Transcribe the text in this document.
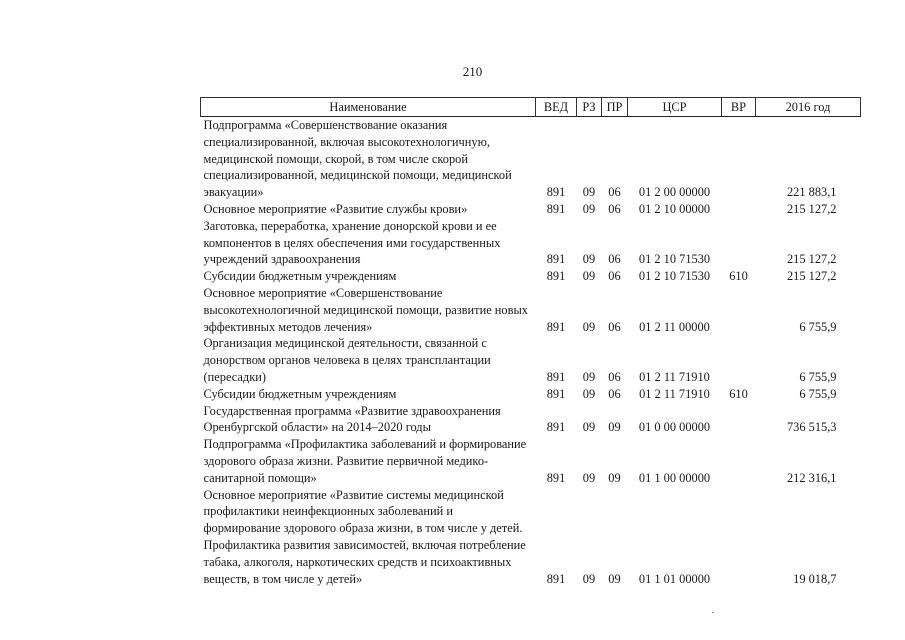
210
Наименование	ВЕД	РЗ	ПР	ЦСР	ВР	2016 год
Подпрограмма «Совершенствование оказания специализированной, включая высокотехнологичную, медицинской помощи, скорой, в том числе скорой специализированной, медицинской помощи, медицинской эвакуации»	891	09	06	01 2 00 00000		221 883,1
Основное мероприятие «Развитие службы крови»	891	09	06	01 2 10 00000		215 127,2
Заготовка, переработка, хранение донорской крови и ее компонентов в целях обеспечения ими государственных учреждений здравоохранения	891	09	06	01 2 10 71530		215 127,2
Субсидии бюджетным учреждениям	891	09	06	01 2 10 71530	610	215 127,2
Основное мероприятие «Совершенствование высокотехнологичной медицинской помощи, развитие новых эффективных методов лечения»	891	09	06	01 2 11 00000		6 755,9
Организация медицинской деятельности, связанной с донорством органов человека в целях трансплантации (пересадки)	891	09	06	01 2 11 71910		6 755,9
Субсидии бюджетным учреждениям	891	09	06	01 2 11 71910	610	6 755,9
Государственная программа «Развитие здравоохранения Оренбургской области» на 2014–2020 годы	891	09	09	01 0 00 00000		736 515,3
Подпрограмма «Профилактика заболеваний и формирование здорового образа жизни. Развитие первичной медико-санитарной помощи»	891	09	09	01 1 00 00000		212 316,1
Основное мероприятие «Развитие системы медицинской профилактики неинфекционных заболеваний и формирование здорового образа жизни, в том числе у детей. Профилактика развития зависимостей, включая потребление табака, алкоголя, наркотических средств и психоактивных веществ, в том числе у детей»	891	09	09	01 1 01 00000		19 018,7
